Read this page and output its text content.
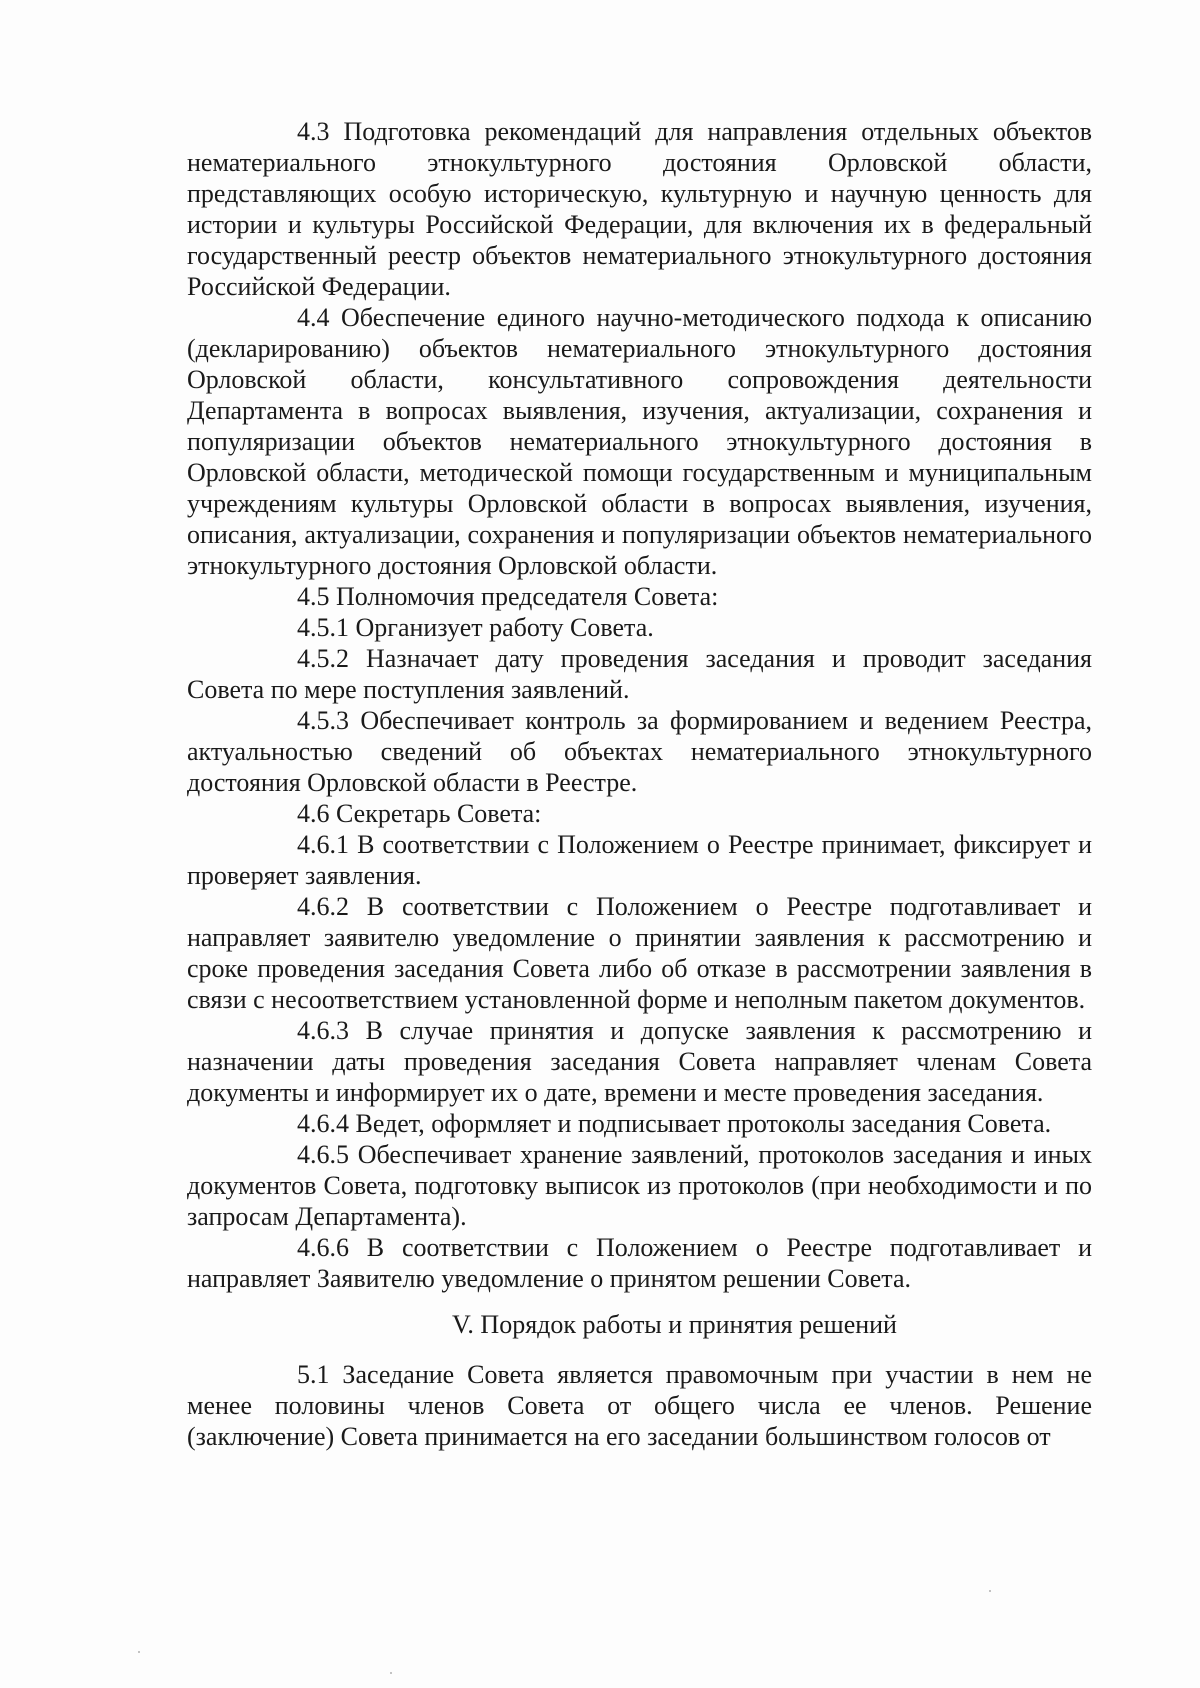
4.3 Подготовка рекомендаций для направления отдельных объектов нематериального этнокультурного достояния Орловской области, представляющих особую историческую, культурную и научную ценность для истории и культуры Российской Федерации, для включения их в федеральный государственный реестр объектов нематериального этнокультурного достояния Российской Федерации.

4.4 Обеспечение единого научно-методического подхода к описанию (декларированию) объектов нематериального этнокультурного достояния Орловской области, консультативного сопровождения деятельности Департамента в вопросах выявления, изучения, актуализации, сохранения и популяризации объектов нематериального этнокультурного достояния в Орловской области, методической помощи государственным и муниципальным учреждениям культуры Орловской области в вопросах выявления, изучения, описания, актуализации, сохранения и популяризации объектов нематериального этнокультурного достояния Орловской области.

4.5 Полномочия председателя Совета:

4.5.1 Организует работу Совета.

4.5.2 Назначает дату проведения заседания и проводит заседания Совета по мере поступления заявлений.

4.5.3 Обеспечивает контроль за формированием и ведением Реестра, актуальностью сведений об объектах нематериального этнокультурного достояния Орловской области в Реестре.

4.6 Секретарь Совета:

4.6.1 В соответствии с Положением о Реестре принимает, фиксирует и проверяет заявления.

4.6.2 В соответствии с Положением о Реестре подготавливает и направляет заявителю уведомление о принятии заявления к рассмотрению и сроке проведения заседания Совета либо об отказе в рассмотрении заявления в связи с несоответствием установленной форме и неполным пакетом документов.

4.6.3 В случае принятия и допуске заявления к рассмотрению и назначении даты проведения заседания Совета направляет членам Совета документы и информирует их о дате, времени и месте проведения заседания.

4.6.4 Ведет, оформляет и подписывает протоколы заседания Совета.

4.6.5 Обеспечивает хранение заявлений, протоколов заседания и иных документов Совета, подготовку выписок из протоколов (при необходимости и по запросам Департамента).

4.6.6 В соответствии с Положением о Реестре подготавливает и направляет Заявителю уведомление о принятом решении Совета.

V. Порядок работы и принятия решений

5.1 Заседание Совета является правомочным при участии в нем не менее половины членов Совета от общего числа ее членов. Решение (заключение) Совета принимается на его заседании большинством голосов от
